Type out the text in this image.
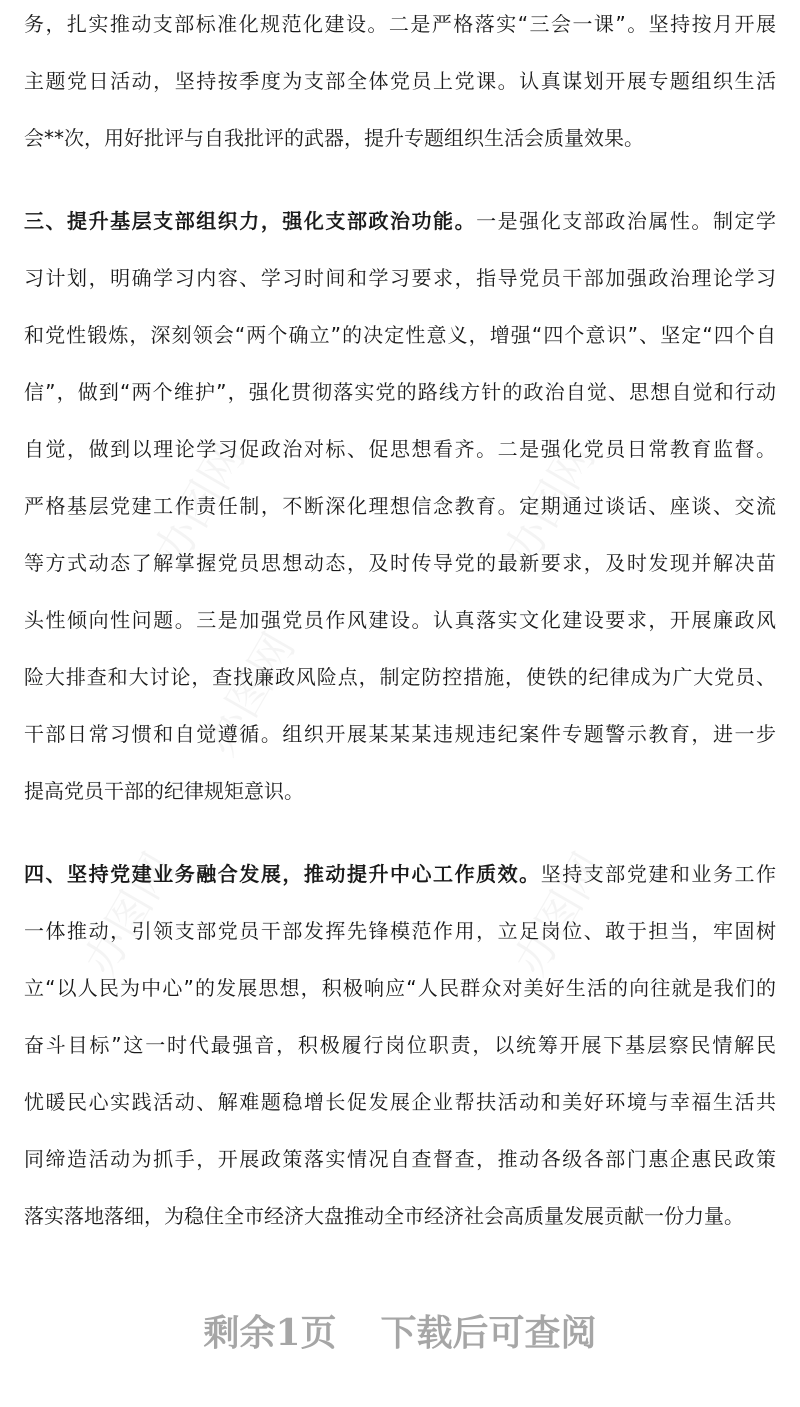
务，扎实推动支部标准化规范化建设。二是严格落实“三会一课”。坚持按月开展
主题党日活动，坚持按季度为支部全体党员上党课。认真谋划开展专题组织生活
会**次，用好批评与自我批评的武器，提升专题组织生活会质量效果。
三、提升基层支部组织力，强化支部政治功能。一是强化支部政治属性。制定学
习计划，明确学习内容、学习时间和学习要求，指导党员干部加强政治理论学习
和党性锻炼，深刻领会“两个确立”的决定性意义，增强“四个意识”、坚定“四个自
信”，做到“两个维护”，强化贯彻落实党的路线方针的政治自觉、思想自觉和行动
自觉，做到以理论学习促政治对标、促思想看齐。二是强化党员日常教育监督。
严格基层党建工作责任制，不断深化理想信念教育。定期通过谈话、座谈、交流
等方式动态了解掌握党员思想动态，及时传导党的最新要求，及时发现并解决苗
头性倾向性问题。三是加强党员作风建设。认真落实文化建设要求，开展廉政风
险大排查和大讨论，查找廉政风险点，制定防控措施，使铁的纪律成为广大党员、
干部日常习惯和自觉遵循。组织开展某某某违规违纪案件专题警示教育，进一步
提高党员干部的纪律规矩意识。
四、坚持党建业务融合发展，推动提升中心工作质效。坚持支部党建和业务工作
一体推动，引领支部党员干部发挥先锋模范作用，立足岗位、敢于担当，牢固树
立“以人民为中心”的发展思想，积极响应“人民群众对美好生活的向往就是我们的
奋斗目标”这一时代最强音，积极履行岗位职责，以统筹开展下基层察民情解民
忧暖民心实践活动、解难题稳增长促发展企业帮扶活动和美好环境与幸福生活共
同缔造活动为抓手，开展政策落实情况自查督查，推动各级各部门惠企惠民政策
落实落地落细，为稳住全市经济大盘推动全市经济社会高质量发展贡献一份力量。
剩余1页 下载后可查阅
